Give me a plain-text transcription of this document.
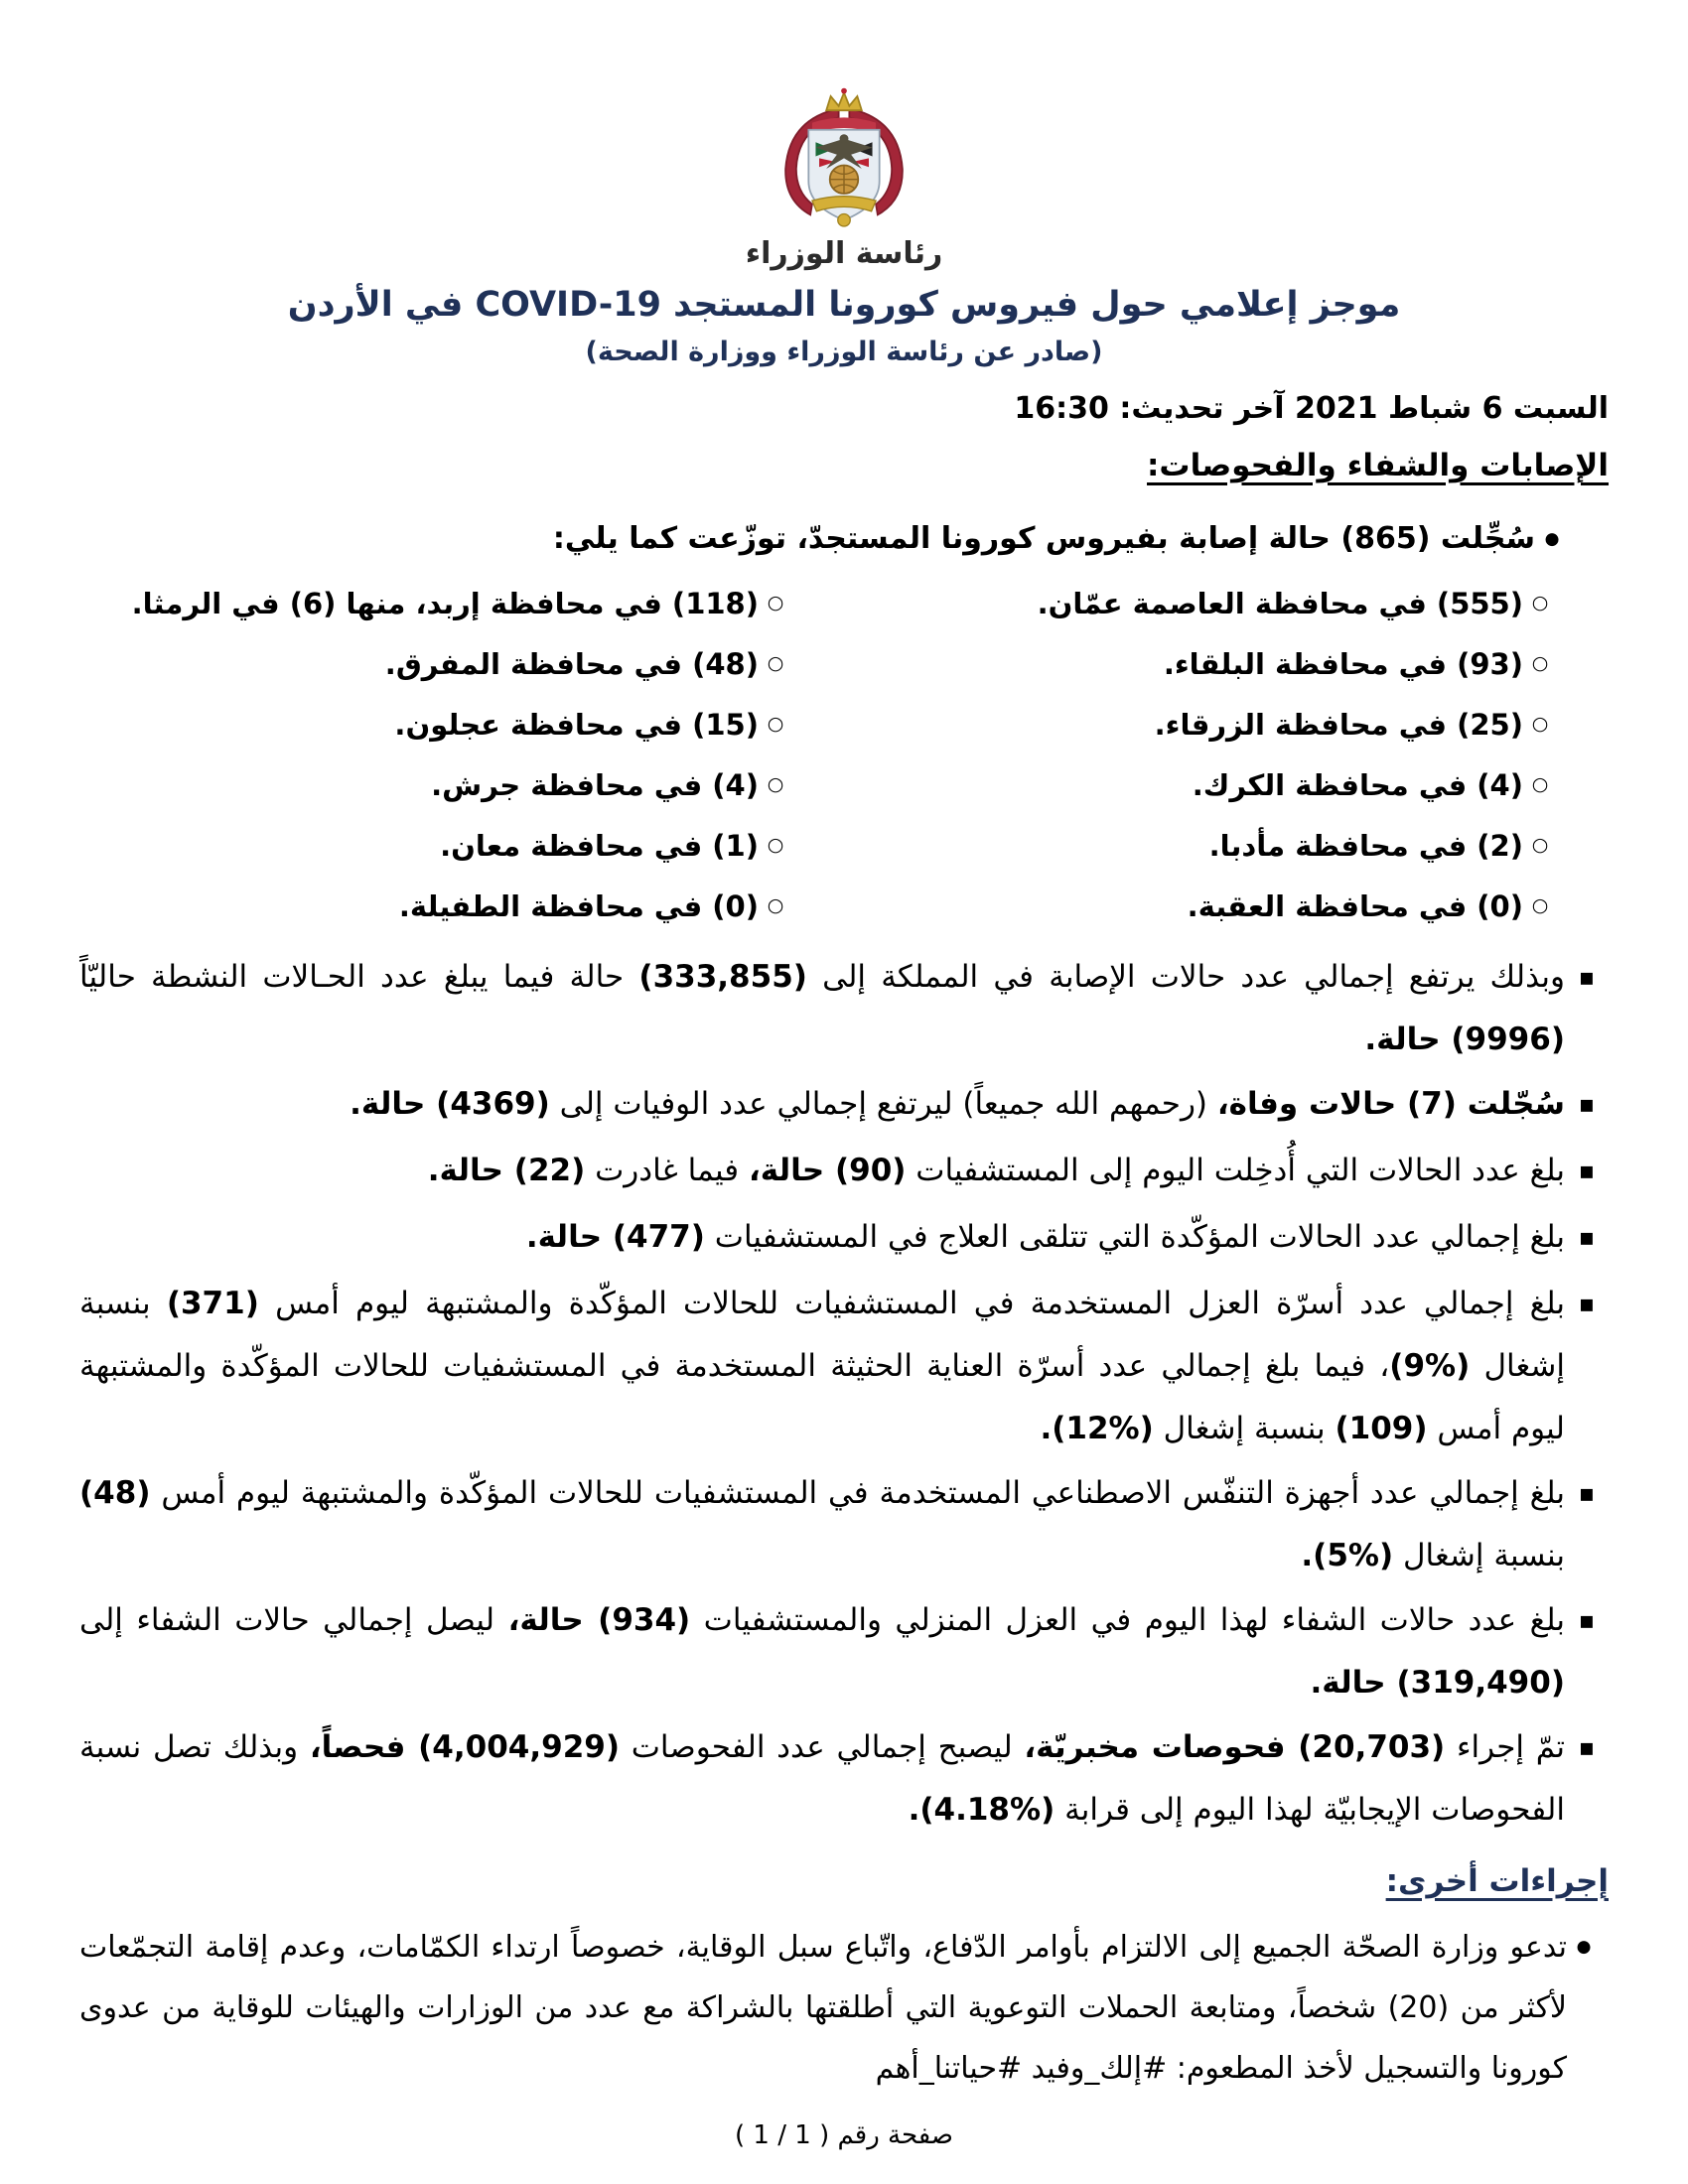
رئاسة الوزراء
موجز إعلامي حول فيروس كورونا المستجد COVID-19 في الأردن
(صادر عن رئاسة الوزراء ووزارة الصحة)
السبت 6 شباط 2021 آخر تحديث: 16:30
الإصابات والشفاء والفحوصات:
●

سُجِّلت (865) حالة إصابة بفيروس كورونا المستجدّ، توزّعت كما يلي:

○

(555) في محافظة العاصمة عمّان.

○

(93) في محافظة البلقاء.

○

(25) في محافظة الزرقاء.

○

(4) في محافظة الكرك.

○

(2) في محافظة مأدبا.

○

(0) في محافظة العقبة.

○

(118) في محافظة إربد، منها (6) في الرمثا.

○

(48) في محافظة المفرق.

○

(15) في محافظة عجلون.

○

(4) في محافظة جرش.

○

(1) في محافظة معان.

○

(0) في محافظة الطفيلة.

▪

وبذلك يرتفع إجمالي عدد حالات الإصابة في المملكة إلى (333,855) حالة فيما يبلغ عدد الحـالات النشطة حاليّاً (9996) حالة.

▪

سُجّلت (7) حالات وفاة، (رحمهم الله جميعاً) ليرتفع إجمالي عدد الوفيات إلى (4369) حالة.

▪

بلغ عدد الحالات التي أُدخِلت اليوم إلى المستشفيات (90) حالة، فيما غادرت (22) حالة.

▪

بلغ إجمالي عدد الحالات المؤكّدة التي تتلقى العلاج في المستشفيات (477) حالة.

▪

بلغ إجمالي عدد أسرّة العزل المستخدمة في المستشفيات للحالات المؤكّدة والمشتبهة ليوم أمس (371) بنسبة إشغال (%9)، فيما بلغ إجمالي عدد أسرّة العناية الحثيثة المستخدمة في المستشفيات للحالات المؤكّدة والمشتبهة ليوم أمس (109) بنسبة إشغال (%12).

▪

بلغ إجمالي عدد أجهزة التنفّس الاصطناعي المستخدمة في المستشفيات للحالات المؤكّدة والمشتبهة ليوم أمس (48) بنسبة إشغال (%5).

▪

بلغ عدد حالات الشفاء لهذا اليوم في العزل المنزلي والمستشفيات (934) حالة، ليصل إجمالي حالات الشفاء إلى (319,490) حالة.

▪

تمّ إجراء (20,703) فحوصات مخبريّة، ليصبح إجمالي عدد الفحوصات (4,004,929) فحصاً، وبذلك تصل نسبة الفحوصات الإيجابيّة لهذا اليوم إلى قرابة (%4.18).

إجراءات أخرى:
●

تدعو وزارة الصحّة الجميع إلى الالتزام بأوامر الدّفاع، واتّباع سبل الوقاية، خصوصاً ارتداء الكمّامات، وعدم إقامة التجمّعات لأكثر من (20) شخصاً، ومتابعة الحملات التوعوية التي أطلقتها بالشراكة مع عدد من الوزارات والهيئات للوقاية من عدوى كورونا والتسجيل لأخذ المطعوم: #إلك_وفيد #حياتنا_أهم

صفحة رقم ( 1 / 1 )
